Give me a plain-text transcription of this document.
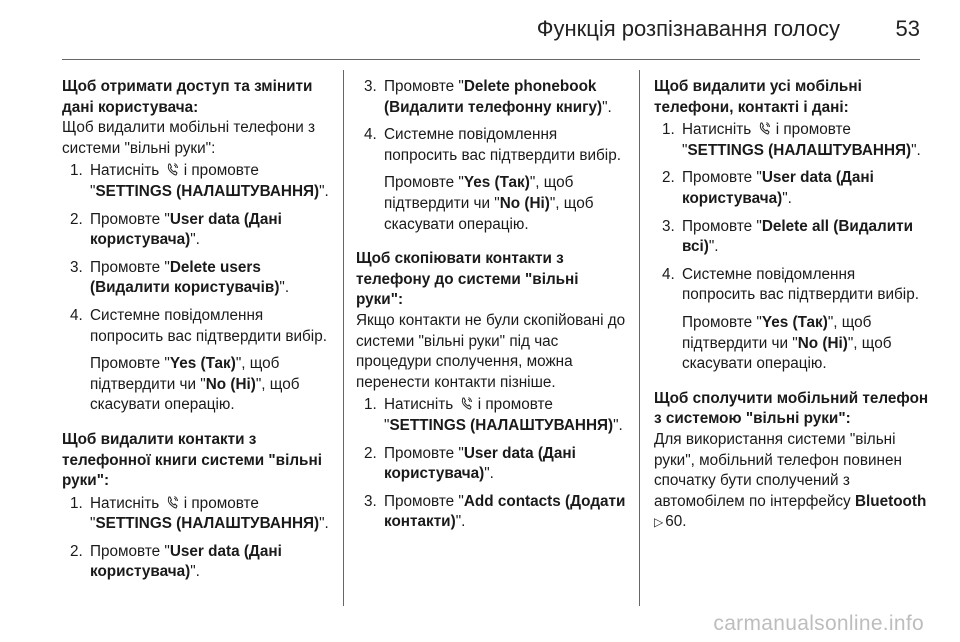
Функція розпізнавання голосу	53
Щоб отримати доступ та змінити дані користувача:

Щоб видалити мобільні телефони з системи "вільні руки":

1. Натисніть і промовте "SETTINGS (НАЛАШТУВАННЯ)".
2. Промовте "User data (Дані користувача)".
3. Промовте "Delete users (Видалити користувачів)".
4. Системне повідомлення попросить вас підтвердити вибір.
Промовте "Yes (Так)", щоб підтвердити чи "No (Ні)", щоб скасувати операцію.
Щоб видалити контакти з телефонної книги системи "вільні руки":
1. Натисніть і промовте "SETTINGS (НАЛАШТУВАННЯ)".
2. Промовте "User data (Дані користувача)".
3. Промовте "Delete phonebook (Видалити телефонну книгу)".
4. Системне повідомлення попросить вас підтвердити вибір.
Промовте "Yes (Так)", щоб підтвердити чи "No (Ні)", щоб скасувати операцію.
Щоб скопіювати контакти з телефону до системи "вільні руки":

Якщо контакти не були скопійовані до системи "вільні руки" під час процедури сполучення, можна перенести контакти пізніше.

1. Натисніть і промовте "SETTINGS (НАЛАШТУВАННЯ)".
2. Промовте "User data (Дані користувача)".
3. Промовте "Add contacts (Додати контакти)".
Щоб видалити усі мобільні телефони, контакті і дані:
1. Натисніть і промовте "SETTINGS (НАЛАШТУВАННЯ)".
2. Промовте "User data (Дані користувача)".
3. Промовте "Delete all (Видалити всі)".
4. Системне повідомлення попросить вас підтвердити вибір.
Промовте "Yes (Так)", щоб підтвердити чи "No (Ні)", щоб скасувати операцію.
Щоб сполучити мобільний телефон з системою "вільні руки":

Для використання системи "вільні руки", мобільний телефон повинен спочатку бути сполучений з автомобілем по інтерфейсу Bluetooth ▷ 60.

carmanualsonline.info
